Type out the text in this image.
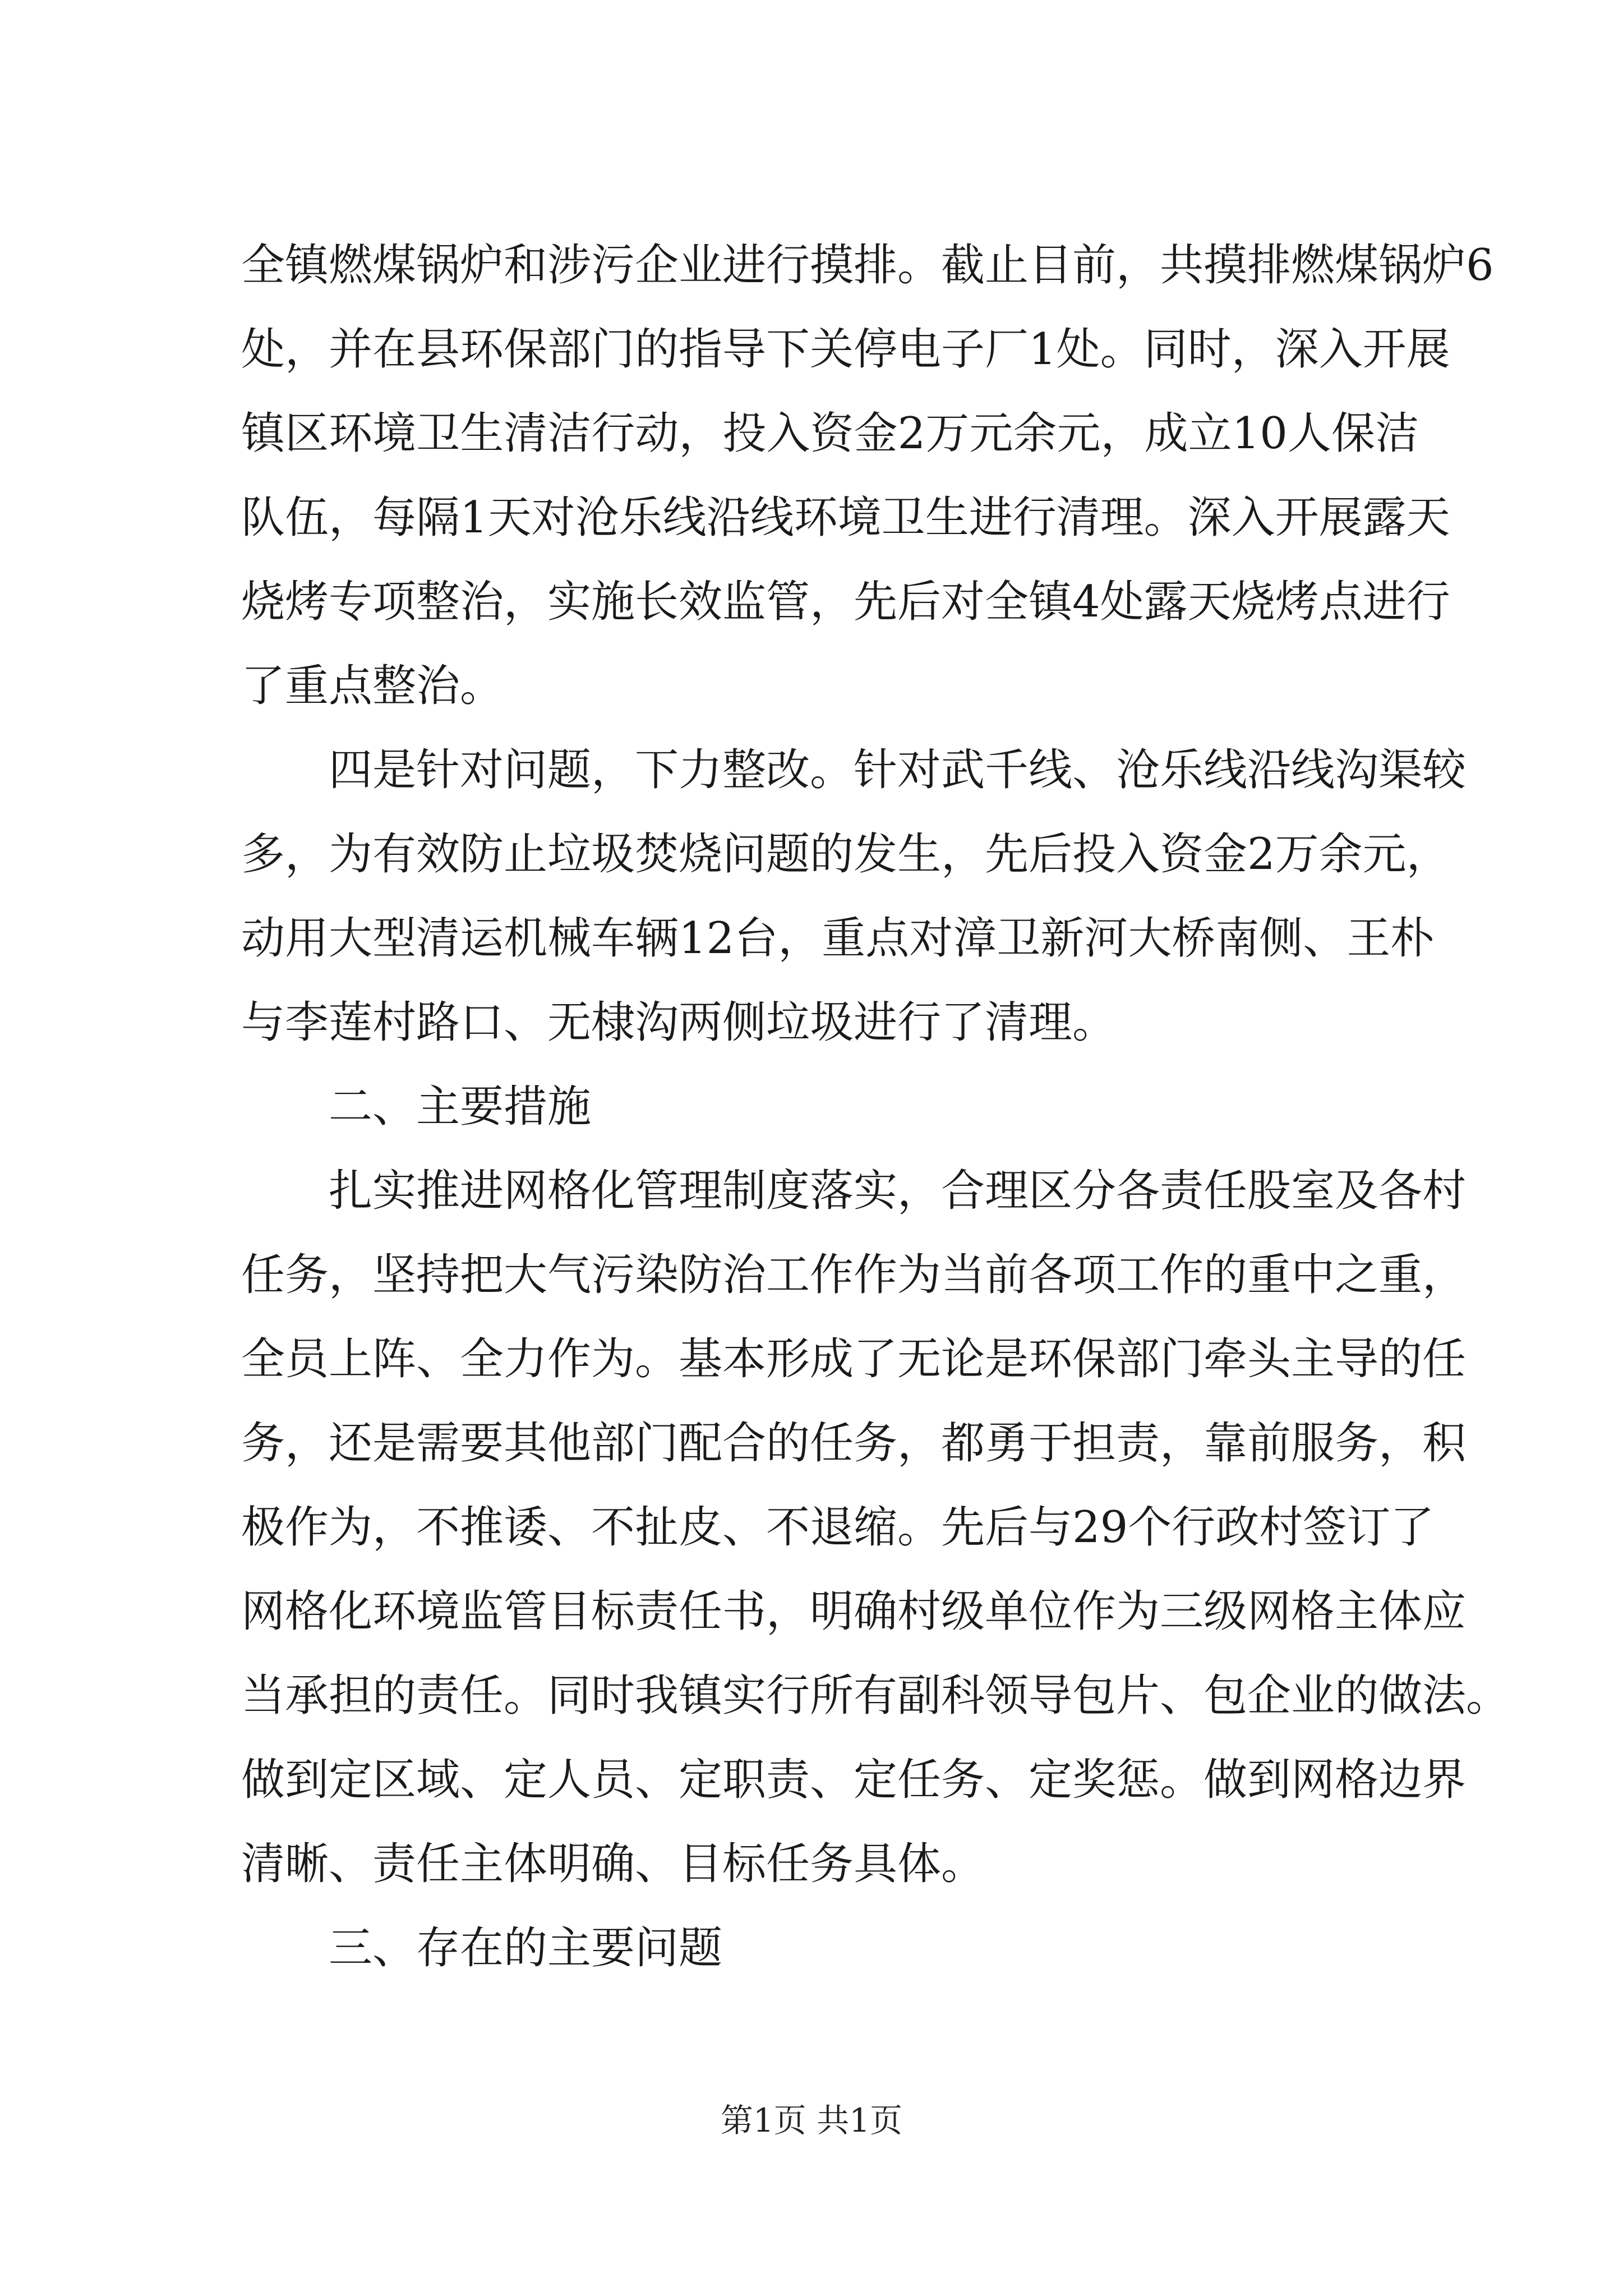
全镇燃煤锅炉和涉污企业进行摸排。截止目前，共摸排燃煤锅炉6
处，并在县环保部门的指导下关停电子厂1处。同时，深入开展
镇区环境卫生清洁行动，投入资金2万元余元，成立10人保洁
队伍，每隔1天对沧乐线沿线环境卫生进行清理。深入开展露天
烧烤专项整治，实施长效监管，先后对全镇4处露天烧烤点进行
了重点整治。
四是针对问题，下力整改。针对武千线、沧乐线沿线沟渠较
多，为有效防止垃圾焚烧问题的发生，先后投入资金2万余元，
动用大型清运机械车辆12台，重点对漳卫新河大桥南侧、王朴
与李莲村路口、无棣沟两侧垃圾进行了清理。
二、主要措施
扎实推进网格化管理制度落实，合理区分各责任股室及各村
任务，坚持把大气污染防治工作作为当前各项工作的重中之重，
全员上阵、全力作为。基本形成了无论是环保部门牵头主导的任
务，还是需要其他部门配合的任务，都勇于担责，靠前服务，积
极作为，不推诿、不扯皮、不退缩。先后与29个行政村签订了
网格化环境监管目标责任书，明确村级单位作为三级网格主体应
当承担的责任。同时我镇实行所有副科领导包片、包企业的做法。
做到定区域、定人员、定职责、定任务、定奖惩。做到网格边界
清晰、责任主体明确、目标任务具体。
三、存在的主要问题
第1页 共1页
